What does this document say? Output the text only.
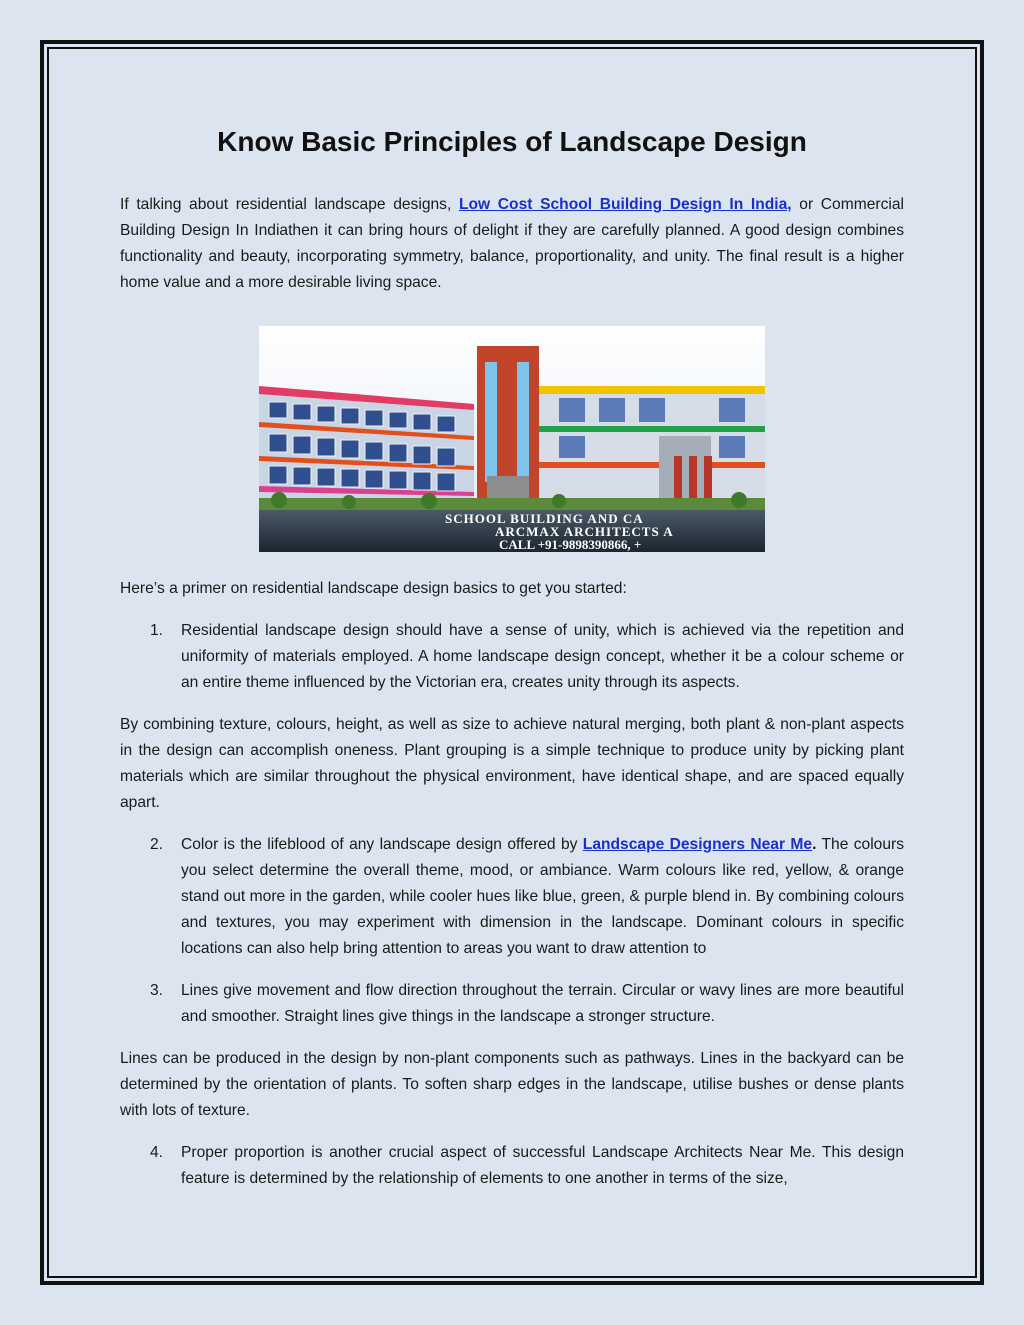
Know Basic Principles of Landscape Design

If talking about residential landscape designs, Low Cost School Building Design In India, or Commercial Building Design In Indiathen it can bring hours of delight if they are carefully planned. A good design combines functionality and beauty, incorporating symmetry, balance, proportionality, and unity. The final result is a higher home value and a more desirable living space.

SCHOOL BUILDING AND CA
ARCMAX ARCHITECTS A
CALL +91-9898390866, +

Here’s a primer on residential landscape design basics to get you started:

1. Residential landscape design should have a sense of unity, which is achieved via the repetition and uniformity of materials employed. A home landscape design concept, whether it be a colour scheme or an entire theme influenced by the Victorian era, creates unity through its aspects.

By combining texture, colours, height, as well as size to achieve natural merging, both plant & non-plant aspects in the design can accomplish oneness. Plant grouping is a simple technique to produce unity by picking plant materials which are similar throughout the physical environment, have identical shape, and are spaced equally apart.

2. Color is the lifeblood of any landscape design offered by Landscape Designers Near Me. The colours you select determine the overall theme, mood, or ambiance. Warm colours like red, yellow, & orange stand out more in the garden, while cooler hues like blue, green, & purple blend in. By combining colours and textures, you may experiment with dimension in the landscape. Dominant colours in specific locations can also help bring attention to areas you want to draw attention to
3. Lines give movement and flow direction throughout the terrain. Circular or wavy lines are more beautiful and smoother. Straight lines give things in the landscape a stronger structure.

Lines can be produced in the design by non-plant components such as pathways. Lines in the backyard can be determined by the orientation of plants. To soften sharp edges in the landscape, utilise bushes or dense plants with lots of texture.

4. Proper proportion is another crucial aspect of successful Landscape Architects Near Me. This design feature is determined by the relationship of elements to one another in terms of the size,
